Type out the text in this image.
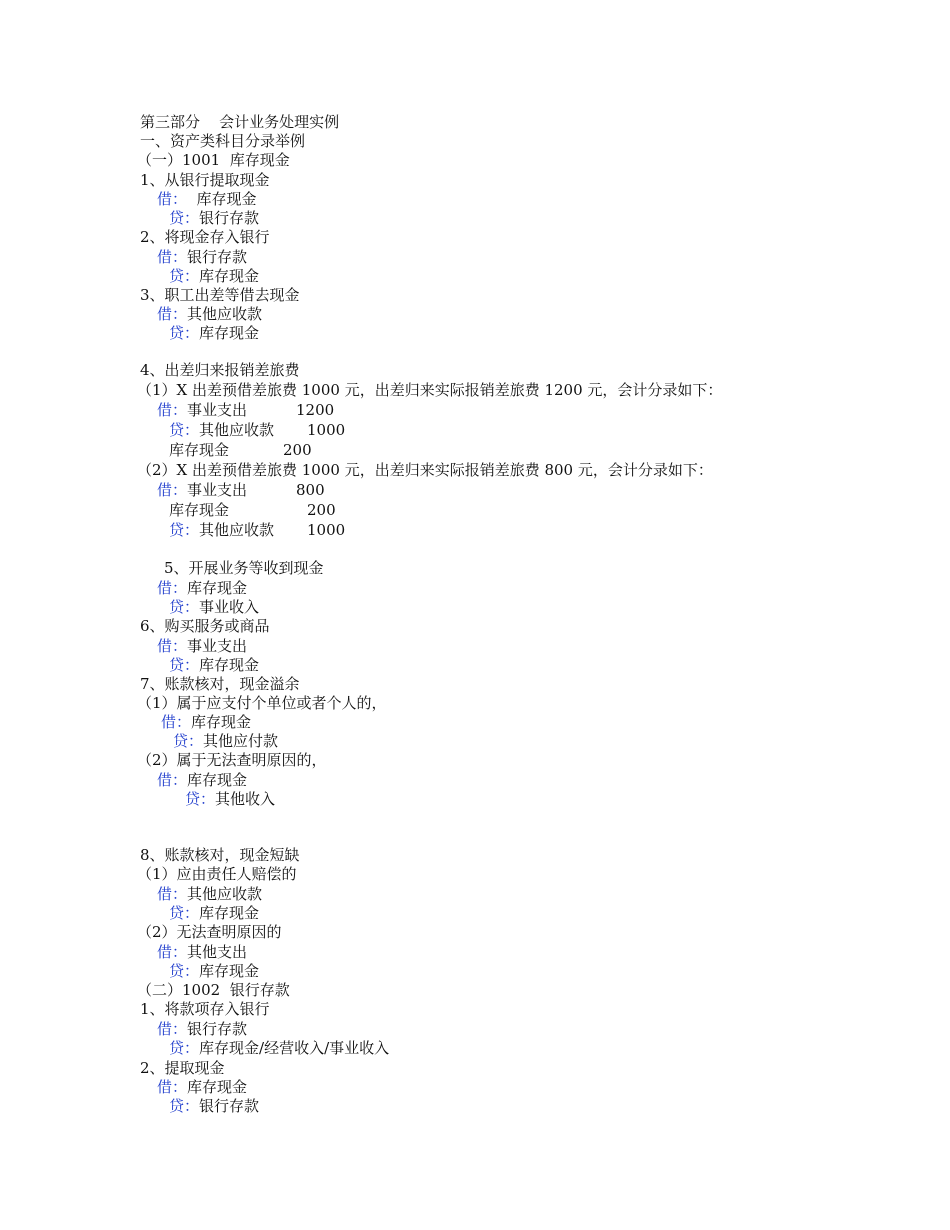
第三部分    会计业务处理实例
一、资产类科目分录举例
（一）1001  库存现金
1、从银行提取现金
借：  库存现金
贷：银行存款
2、将现金存入银行
借：银行存款
贷：库存现金
3、职工出差等借去现金
借：其他应收款
贷：库存现金
4、出差归来报销差旅费
（1）X 出差预借差旅费 1000 元，出差归来实际报销差旅费 1200 元，会计分录如下：
借：事业支出	1200
贷：其他应收款 1000
库存现金	200
（2）X 出差预借差旅费 1000 元，出差归来实际报销差旅费 800 元，会计分录如下：
借：事业支出	800
库存现金	200
贷：其他应收款 1000
5、开展业务等收到现金
借：库存现金
贷：事业收入
6、购买服务或商品
借：事业支出
贷：库存现金
7、账款核对，现金溢余
（1）属于应支付个单位或者个人的，
借：库存现金
贷：其他应付款
（2）属于无法查明原因的，
借：库存现金
贷：其他收入
8、账款核对，现金短缺
（1）应由责任人赔偿的
借：其他应收款
贷：库存现金
（2）无法查明原因的
借：其他支出
贷：库存现金
（二）1002  银行存款
1、将款项存入银行
借：银行存款
贷：库存现金/经营收入/事业收入
2、提取现金
借：库存现金
贷：银行存款
